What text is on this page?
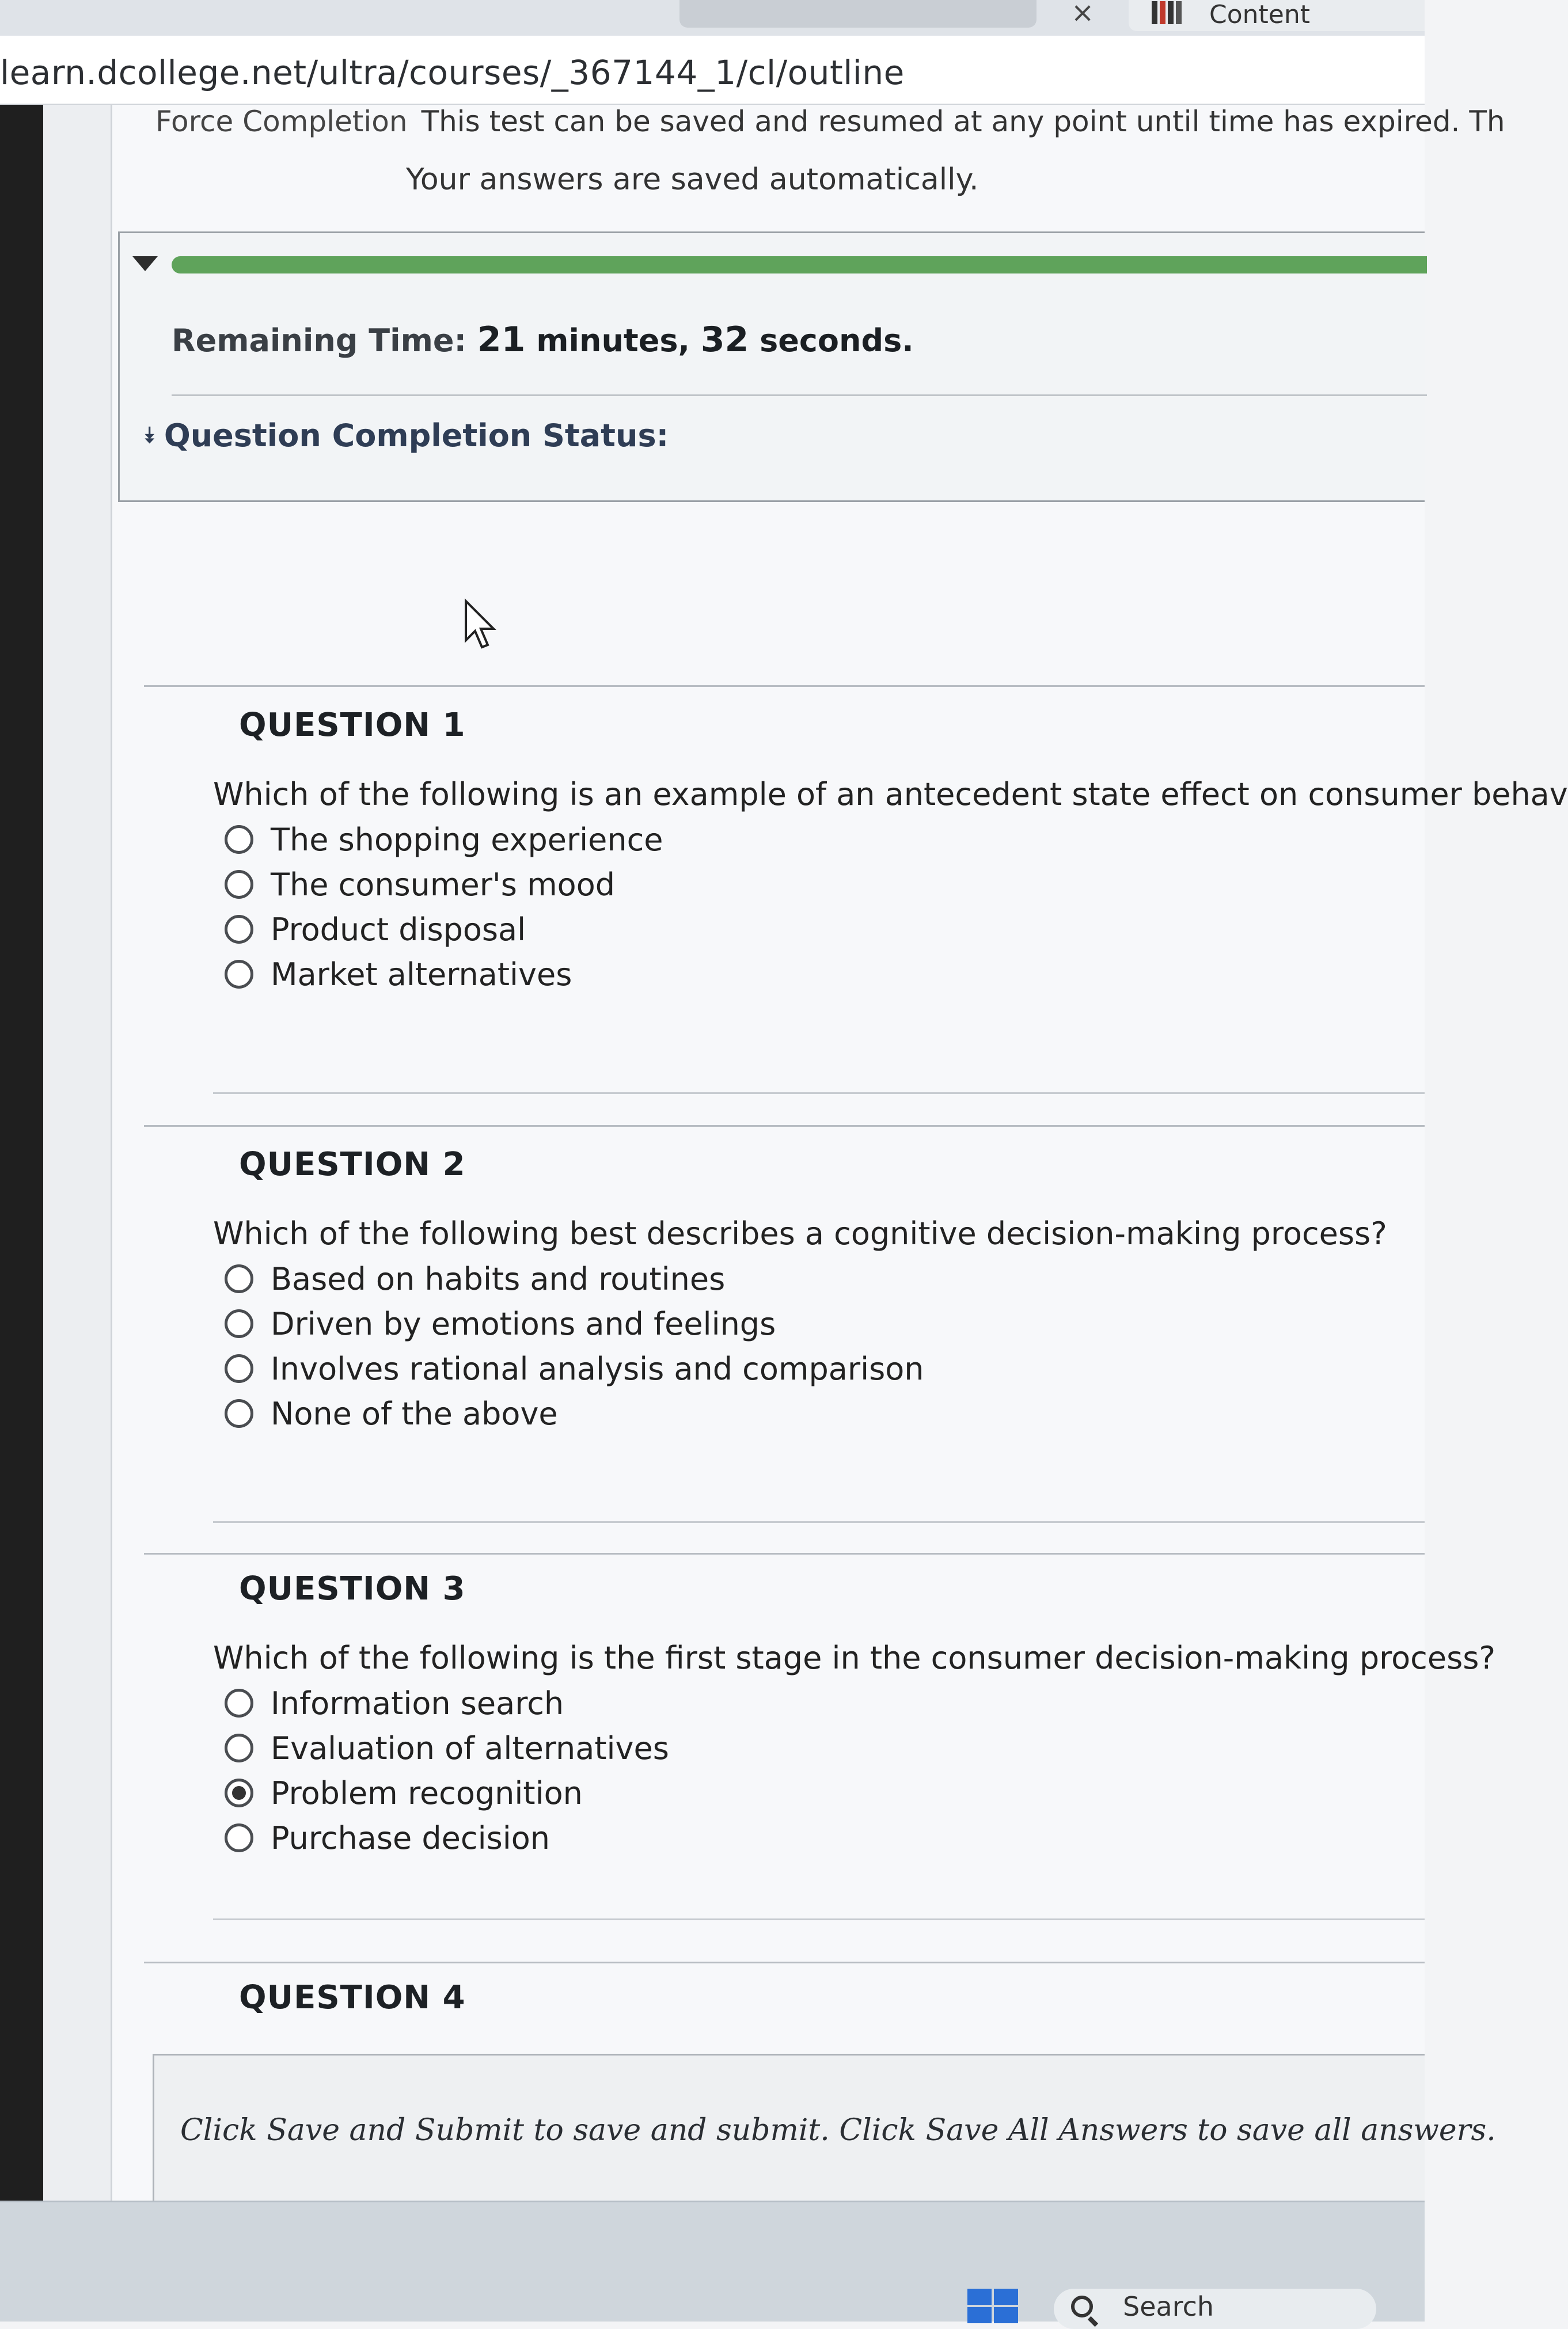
×	Content
learn.dcollege.net/ultra/courses/_367144_1/cl/outline
Force Completion This test can be saved and resumed at any point until time has expired. Th
Your answers are saved automatically.
Remaining Time: 21 minutes, 32 seconds.
⯯ Question Completion Status:
QUESTION 1
Which of the following is an example of an antecedent state effect on consumer behav
The shopping experience
The consumer's mood
Product disposal
Market alternatives
QUESTION 2
Which of the following best describes a cognitive decision-making process?
Based on habits and routines
Driven by emotions and feelings
Involves rational analysis and comparison
None of the above
QUESTION 3
Which of the following is the first stage in the consumer decision-making process?
Information search
Evaluation of alternatives
Problem recognition
Purchase decision
QUESTION 4
Click Save and Submit to save and submit. Click Save All Answers to save all answers.
Search
